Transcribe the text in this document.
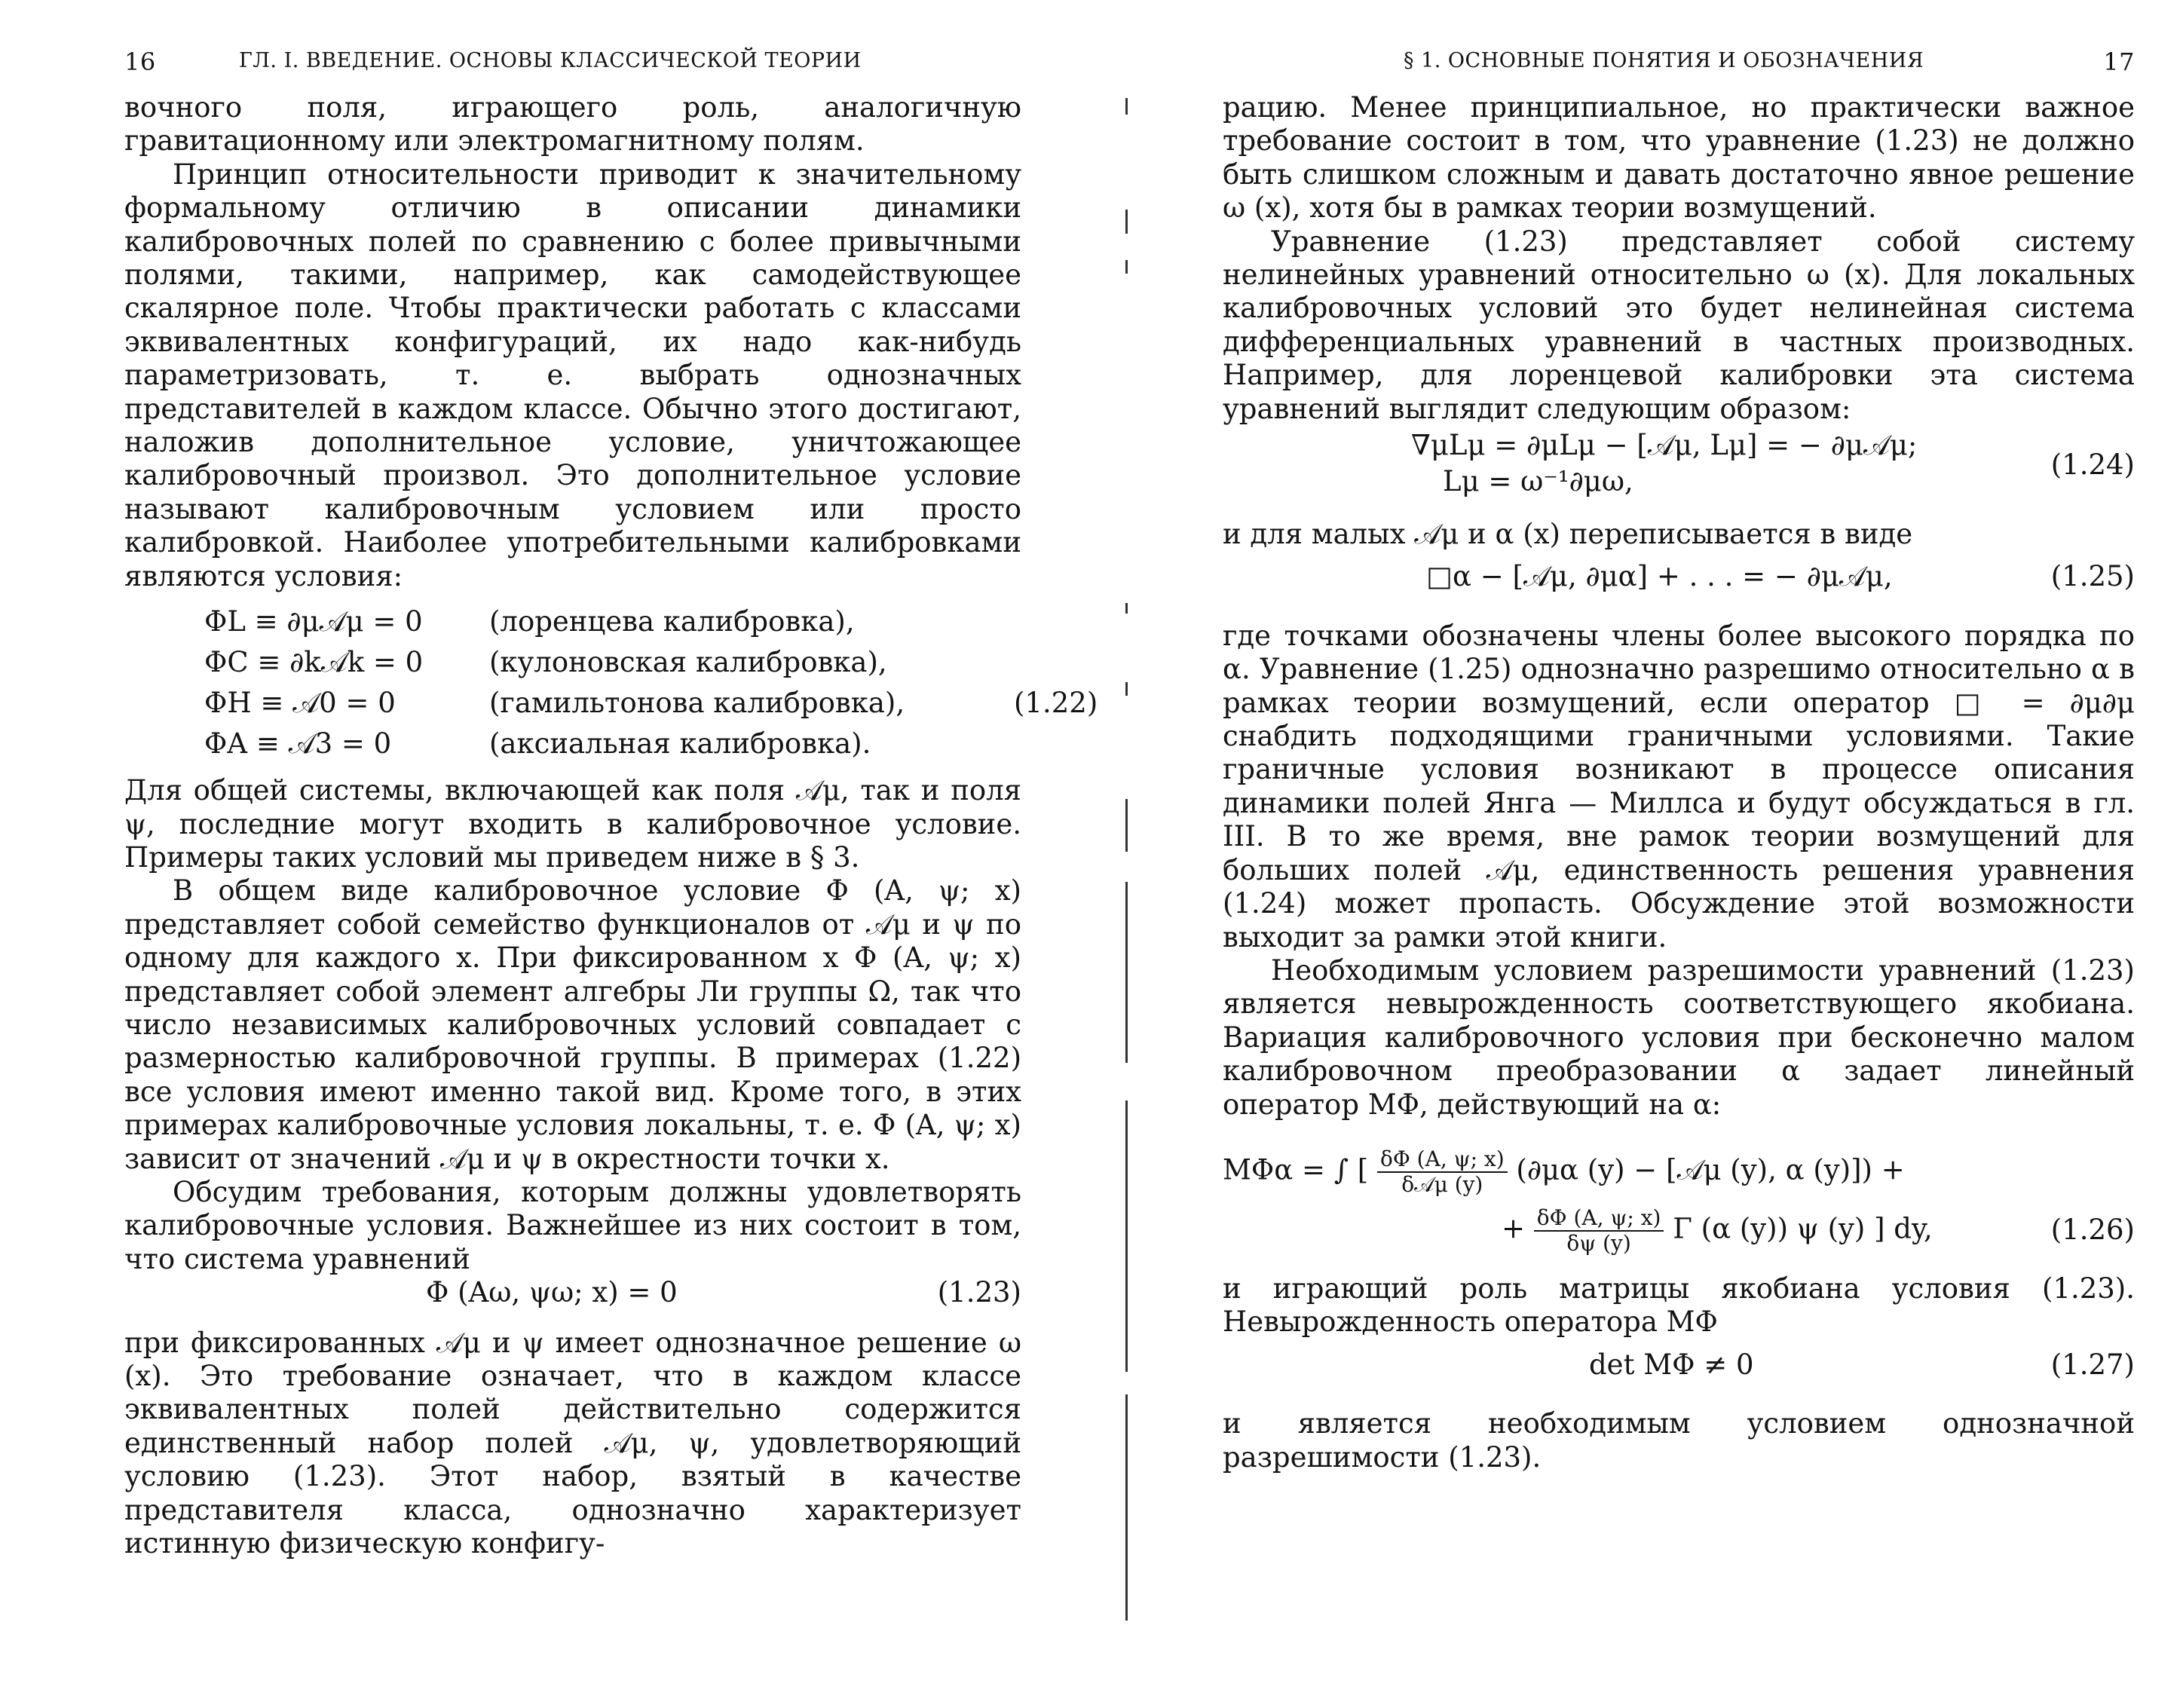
16	ГЛ. I. ВВЕДЕНИЕ. ОСНОВЫ КЛАССИЧЕСКОЙ ТЕОРИИ

вочного поля, играющего роль, аналогичную гравитационному или электромагнитному полям.

Принцип относительности приводит к значительному формальному отличию в описании динамики калибровочных полей по сравнению с более привычными полями, такими, например, как самодействующее скалярное поле. Чтобы практически работать с классами эквивалентных конфигураций, их надо как-нибудь параметризовать, т. е. выбрать однозначных представителей в каждом классе. Обычно этого достигают, наложив дополнительное условие, уничтожающее калибровочный произвол. Это дополнительное условие называют калибровочным условием или просто калибровкой. Наиболее употребительными калибровками являются условия:

ΦL ≡ ∂μ𝒜μ = 0 (лоренцева калибровка),
ΦC ≡ ∂k𝒜k = 0 (кулоновская калибровка),
ΦH ≡ 𝒜0 = 0	(гамильтонова калибровка),	(1.22)
ΦA ≡ 𝒜3 = 0	(аксиальная калибровка).

Для общей системы, включающей как поля 𝒜μ, так и поля ψ, последние могут входить в калибровочное условие. Примеры таких условий мы приведем ниже в § 3.

В общем виде калибровочное условие Φ (A, ψ; x) представляет собой семейство функционалов от 𝒜μ и ψ по одному для каждого x. При фиксированном x Φ (A, ψ; x) представляет собой элемент алгебры Ли группы Ω, так что число независимых калибровочных условий совпадает с размерностью калибровочной группы. В примерах (1.22) все условия имеют именно такой вид. Кроме того, в этих примерах калибровочные условия локальны, т. е. Φ (A, ψ; x) зависит от значений 𝒜μ и ψ в окрестности точки x.

Обсудим требования, которым должны удовлетворять калибровочные условия. Важнейшее из них состоит в том, что система уравнений

Φ (Aω, ψω; x) = 0	(1.23)

при фиксированных 𝒜μ и ψ имеет однозначное решение ω (x). Это требование означает, что в каждом классе эквивалентных полей действительно содержится единственный набор полей 𝒜μ, ψ, удовлетворяющий условию (1.23). Этот набор, взятый в качестве представителя класса, однозначно характеризует истинную физическую конфигу-

§ 1. ОСНОВНЫЕ ПОНЯТИЯ И ОБОЗНАЧЕНИЯ	17

рацию. Менее принципиальное, но практически важное требование состоит в том, что уравнение (1.23) не должно быть слишком сложным и давать достаточно явное решение ω (x), хотя бы в рамках теории возмущений.

Уравнение (1.23) представляет собой систему нелинейных уравнений относительно ω (x). Для локальных калибровочных условий это будет нелинейная система дифференциальных уравнений в частных производных. Например, для лоренцевой калибровки эта система уравнений выглядит следующим образом:

∇μLμ = ∂μLμ − [𝒜μ, Lμ] = − ∂μ𝒜μ;
Lμ = ω⁻¹∂μω,
(1.24)

и для малых 𝒜μ и α (x) переписывается в виде

□α − [𝒜μ, ∂μα] + . . . = − ∂μ𝒜μ,	(1.25)

где точками обозначены члены более высокого порядка по α. Уравнение (1.25) однозначно разрешимо относительно α в рамках теории возмущений, если оператор □ = ∂μ∂μ снабдить подходящими граничными условиями. Такие граничные условия возникают в процессе описания динамики полей Янга — Миллса и будут обсуждаться в гл. III. В то же время, вне рамок теории возмущений для больших полей 𝒜μ, единственность решения уравнения (1.24) может пропасть. Обсуждение этой возможности выходит за рамки этой книги.

Необходимым условием разрешимости уравнений (1.23) является невырожденность соответствующего якобиана. Вариация калибровочного условия при бесконечно малом калибровочном преобразовании α задает линейный оператор MΦ, действующий на α:

MΦα = ∫ [ $\frac{\delta\Phi (A, \psi; x)}{\text{δ𝒜μ (y)}} (\partial\mu\alpha$ (y) − [𝒜μ (y), α (y)]) +
+ $\frac{\delta\Phi (A, \psi; x)}{\delta\psi (y)}$ Γ (α (y)) ψ (y) ] dy,	(1.26)

и играющий роль матрицы якобиана условия (1.23). Невырожденность оператора MΦ

det MΦ ≠ 0	(1.27)

и является необходимым условием однозначной разрешимости (1.23).
